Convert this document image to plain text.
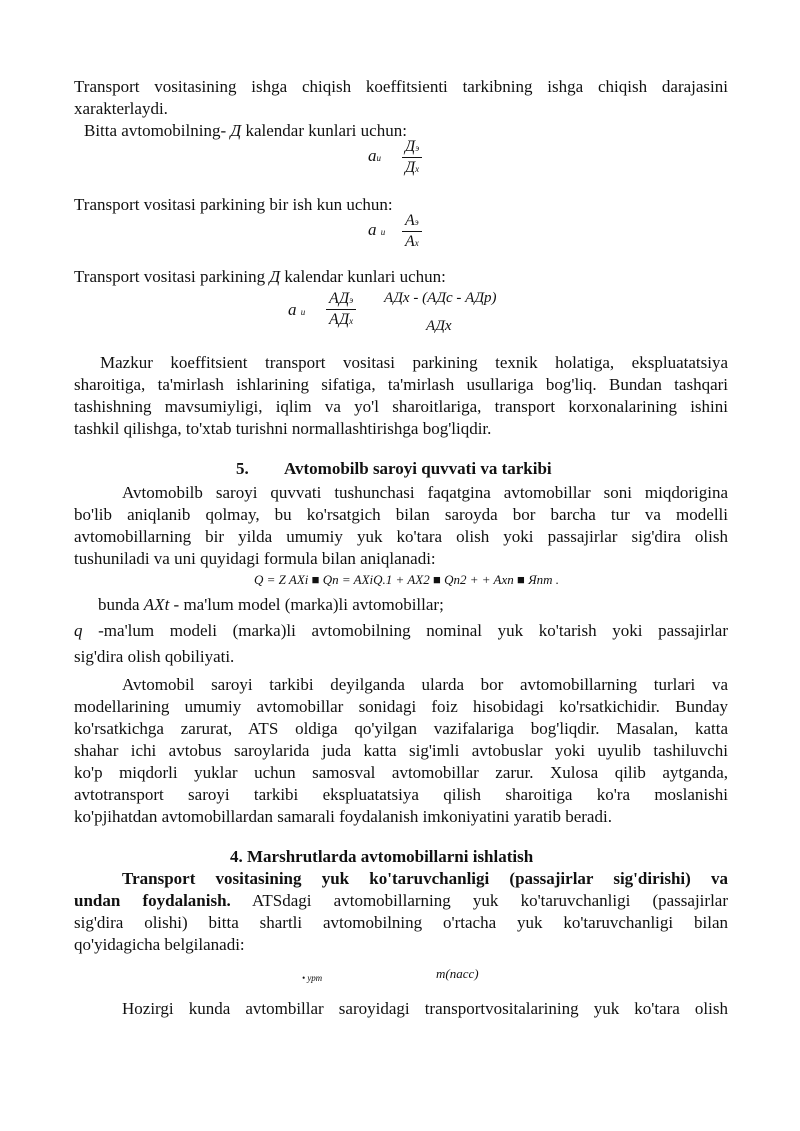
Transport vositasining ishga chiqish koeffitsienti tarkibning ishga chiqish darajasini

xarakterlaydi.

Bitta avtomobilning- Д kalendar kunlari uchun:

aи
Дэ
Дх

Transport vositasi parkining bir ish kun uchun:

a и
Аэ
Ах

Transport vositasi parkining Д kalendar kunlari uchun:

a и
АДэ
АДх
АДх - (АДс - АДр)
АДх

Mazkur koeffitsient transport vositasi parkining texnik holatiga, ekspluatatsiya

sharoitiga, ta'mirlash ishlarining sifatiga, ta'mirlash usullariga bog'liq. Bundan tashqari

tashishning mavsumiyligi, iqlim va yo'l sharoitlariga, transport korxonalarining ishini

tashkil qilishga, to'xtab turishni normallashtirishga bog'liqdir.

5. Avtomobilb saroyi quvvati va tarkibi

Avtomobilb saroyi quvvati tushunchasi faqatgina avtomobillar soni miqdorigina

bo'lib aniqlanib qolmay, bu ko'rsatgich bilan saroyda bor barcha tur va modelli

avtomobillarning bir yilda umumiy yuk ko'tara olish yoki passajirlar sig'dira olish

tushuniladi va uni quyidagi formula bilan aniqlanadi:

Q = Z AXi ■ Qn = AXiQ.1 + AX2 ■ Qn2 + + Axn ■ Яnm .

bunda AXt - ma'lum model (marka)li avtomobillar;

q -ma'lum modeli (marka)li avtomobilning nominal yuk ko'tarish yoki passajirlar

sig'dira olish qobiliyati.

Avtomobil saroyi tarkibi deyilganda ularda bor avtomobillarning turlari va

modellarining umumiy avtomobillar sonidagi foiz hisobidagi ko'rsatkichidir. Bunday

ko'rsatkichga zarurat, ATS oldiga qo'yilgan vazifalariga bog'liqdir. Masalan, katta

shahar ichi avtobus saroylarida juda katta sig'imli avtobuslar yoki uyulib tashiluvchi

ko'p miqdorli yuklar uchun samosval avtomobillar zarur. Xulosa qilib aytganda,

avtotransport saroyi tarkibi ekspluatatsiya qilish sharoitiga ko'ra moslanishi

ko'pjihatdan avtomobillardan samarali foydalanish imkoniyatini yaratib beradi.

4. Marshrutlarda avtomobillarni ishlatish

Transport vositasining yuk ko'taruvchanligi (passajirlar sig'dirishi) va

undan foydalanish. ATSdagi avtomobillarning yuk ko'taruvchanligi (passajirlar

sig'dira olishi) bitta shartli avtomobilning o'rtacha yuk ko'taruvchanligi bilan

qo'yidagicha belgilanadi:

• урт	m(nacc)

Hozirgi kunda avtombillar saroyidagi transportvositalarining yuk ko'tara olish
